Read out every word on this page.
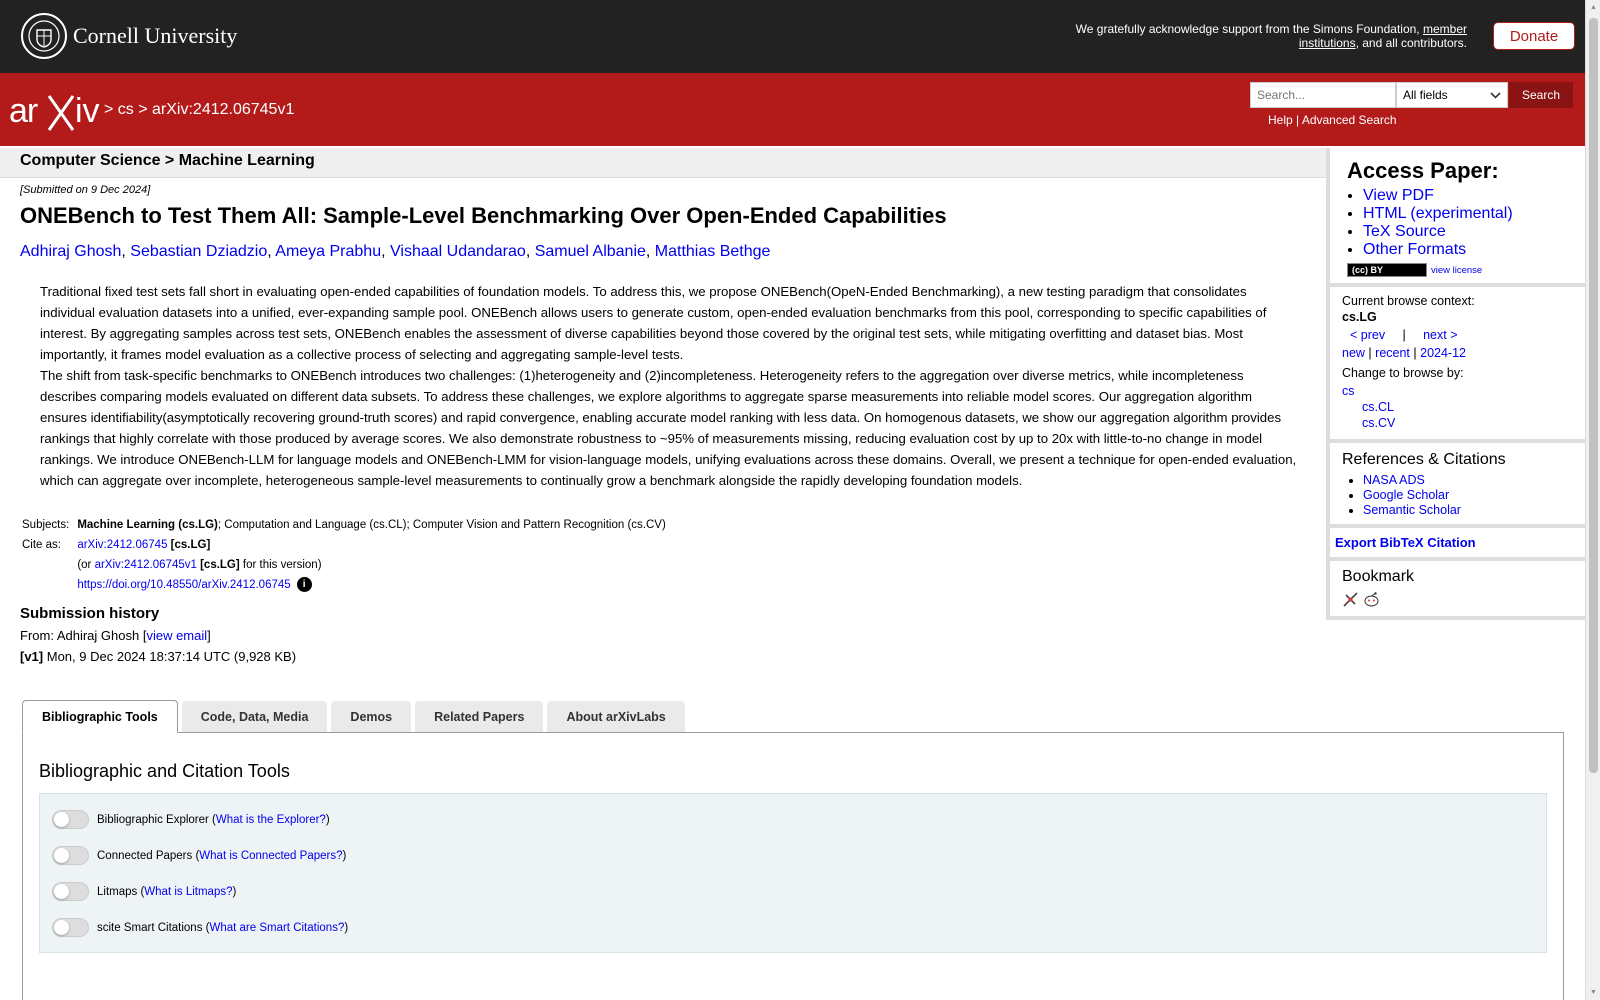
Cornell University	We gratefully acknowledge support from the Simons Foundation, member institutions, and all contributors.	Donate
ar iv > cs > arXiv:2412.06745v1
Search...
All fields	Search
Help | Advanced Search
Computer Science > Machine Learning
[Submitted on 9 Dec 2024]
ONEBench to Test Them All: Sample-Level Benchmarking Over Open-Ended Capabilities
Adhiraj Ghosh, Sebastian Dziadzio, Ameya Prabhu, Vishaal Udandarao, Samuel Albanie, Matthias Bethge

Traditional fixed test sets fall short in evaluating open-ended capabilities of foundation models. To address this, we propose ONEBench(OpeN-Ended Benchmarking), a new testing paradigm that consolidates individual evaluation datasets into a unified, ever-expanding sample pool. ONEBench allows users to generate custom, open-ended evaluation benchmarks from this pool, corresponding to specific capabilities of interest. By aggregating samples across test sets, ONEBench enables the assessment of diverse capabilities beyond those covered by the original test sets, while mitigating overfitting and dataset bias. Most importantly, it frames model evaluation as a collective process of selecting and aggregating sample-level tests.

The shift from task-specific benchmarks to ONEBench introduces two challenges: (1)heterogeneity and (2)incompleteness. Heterogeneity refers to the aggregation over diverse metrics, while incompleteness describes comparing models evaluated on different data subsets. To address these challenges, we explore algorithms to aggregate sparse measurements into reliable model scores. Our aggregation algorithm ensures identifiability(asymptotically recovering ground-truth scores) and rapid convergence, enabling accurate model ranking with less data. On homogenous datasets, we show our aggregation algorithm provides rankings that highly correlate with those produced by average scores. We also demonstrate robustness to ~95% of measurements missing, reducing evaluation cost by up to 20x with little-to-no change in model rankings. We introduce ONEBench-LLM for language models and ONEBench-LMM for vision-language models, unifying evaluations across these domains. Overall, we present a technique for open-ended evaluation, which can aggregate over incomplete, heterogeneous sample-level measurements to continually grow a benchmark alongside the rapidly developing foundation models.

Subjects:	Machine Learning (cs.LG); Computation and Language (cs.CL); Computer Vision and Pattern Recognition (cs.CV)
Cite as:	arXiv:2412.06745 [cs.LG]
	(or arXiv:2412.06745v1 [cs.LG] for this version)
	https://doi.org/10.48550/arXiv.2412.06745 i
Submission history
From: Adhiraj Ghosh [view email]
[v1] Mon, 9 Dec 2024 18:37:14 UTC (9,928 KB)
Bibliographic Tools	Code, Data, Media	Demos	Related Papers	About arXivLabs
Bibliographic and Citation Tools
Bibliographic Explorer ( What is the Explorer? )
Connected Papers ( What is Connected Papers? )
Litmaps ( What is Litmaps? )
scite Smart Citations ( What are Smart Citations? )
Access Paper:
• View PDF
• HTML (experimental)
• TeX Source
• Other Formats
(cc) BY	view license
Current browse context:
cs.LG
< prev | next >
new | recent | 2024-12
Change to browse by:
cs
cs.CL
cs.CV
References & Citations
• NASA ADS
• Google Scholar
• Semantic Scholar
Export BibTeX Citation
Bookmark
▲
▼
